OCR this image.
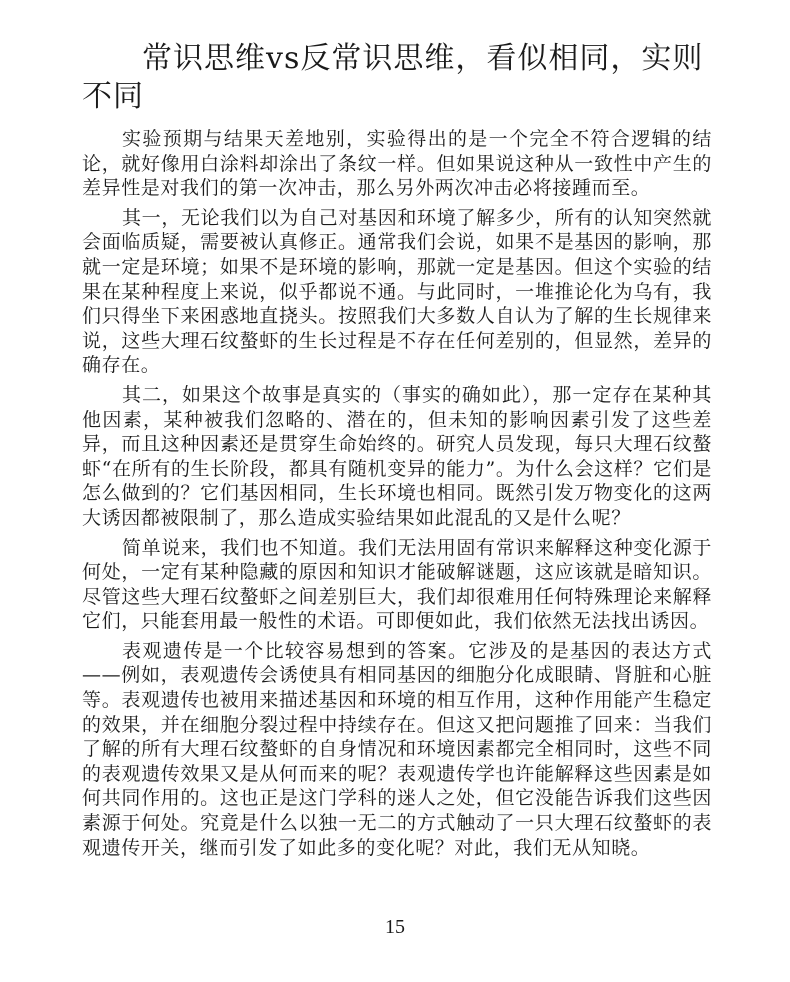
常识思维vs反常识思维，看似相同，实则不同

实验预期与结果天差地别，实验得出的是一个完全不符合逻辑的结论，就好像用白涂料却涂出了条纹一样。但如果说这种从一致性中产生的差异性是对我们的第一次冲击，那么另外两次冲击必将接踵而至。

其一，无论我们以为自己对基因和环境了解多少，所有的认知突然就会面临质疑，需要被认真修正。通常我们会说，如果不是基因的影响，那就一定是环境；如果不是环境的影响，那就一定是基因。但这个实验的结果在某种程度上来说，似乎都说不通。与此同时，一堆推论化为乌有，我们只得坐下来困惑地直挠头。按照我们大多数人自认为了解的生长规律来说，这些大理石纹螯虾的生长过程是不存在任何差别的，但显然，差异的确存在。

其二，如果这个故事是真实的（事实的确如此），那一定存在某种其他因素，某种被我们忽略的、潜在的，但未知的影响因素引发了这些差异，而且这种因素还是贯穿生命始终的。研究人员发现，每只大理石纹螯虾“在所有的生长阶段，都具有随机变异的能力”。为什么会这样？它们是怎么做到的？它们基因相同，生长环境也相同。既然引发万物变化的这两大诱因都被限制了，那么造成实验结果如此混乱的又是什么呢？

简单说来，我们也不知道。我们无法用固有常识来解释这种变化源于何处，一定有某种隐藏的原因和知识才能破解谜题，这应该就是暗知识。尽管这些大理石纹螯虾之间差别巨大，我们却很难用任何特殊理论来解释它们，只能套用最一般性的术语。可即便如此，我们依然无法找出诱因。

表观遗传是一个比较容易想到的答案。它涉及的是基因的表达方式——例如，表观遗传会诱使具有相同基因的细胞分化成眼睛、肾脏和心脏等。表观遗传也被用来描述基因和环境的相互作用，这种作用能产生稳定的效果，并在细胞分裂过程中持续存在。但这又把问题推了回来：当我们了解的所有大理石纹螯虾的自身情况和环境因素都完全相同时，这些不同的表观遗传效果又是从何而来的呢？表观遗传学也许能解释这些因素是如何共同作用的。这也正是这门学科的迷人之处，但它没能告诉我们这些因素源于何处。究竟是什么以独一无二的方式触动了一只大理石纹螯虾的表观遗传开关，继而引发了如此多的变化呢？对此，我们无从知晓。

15
